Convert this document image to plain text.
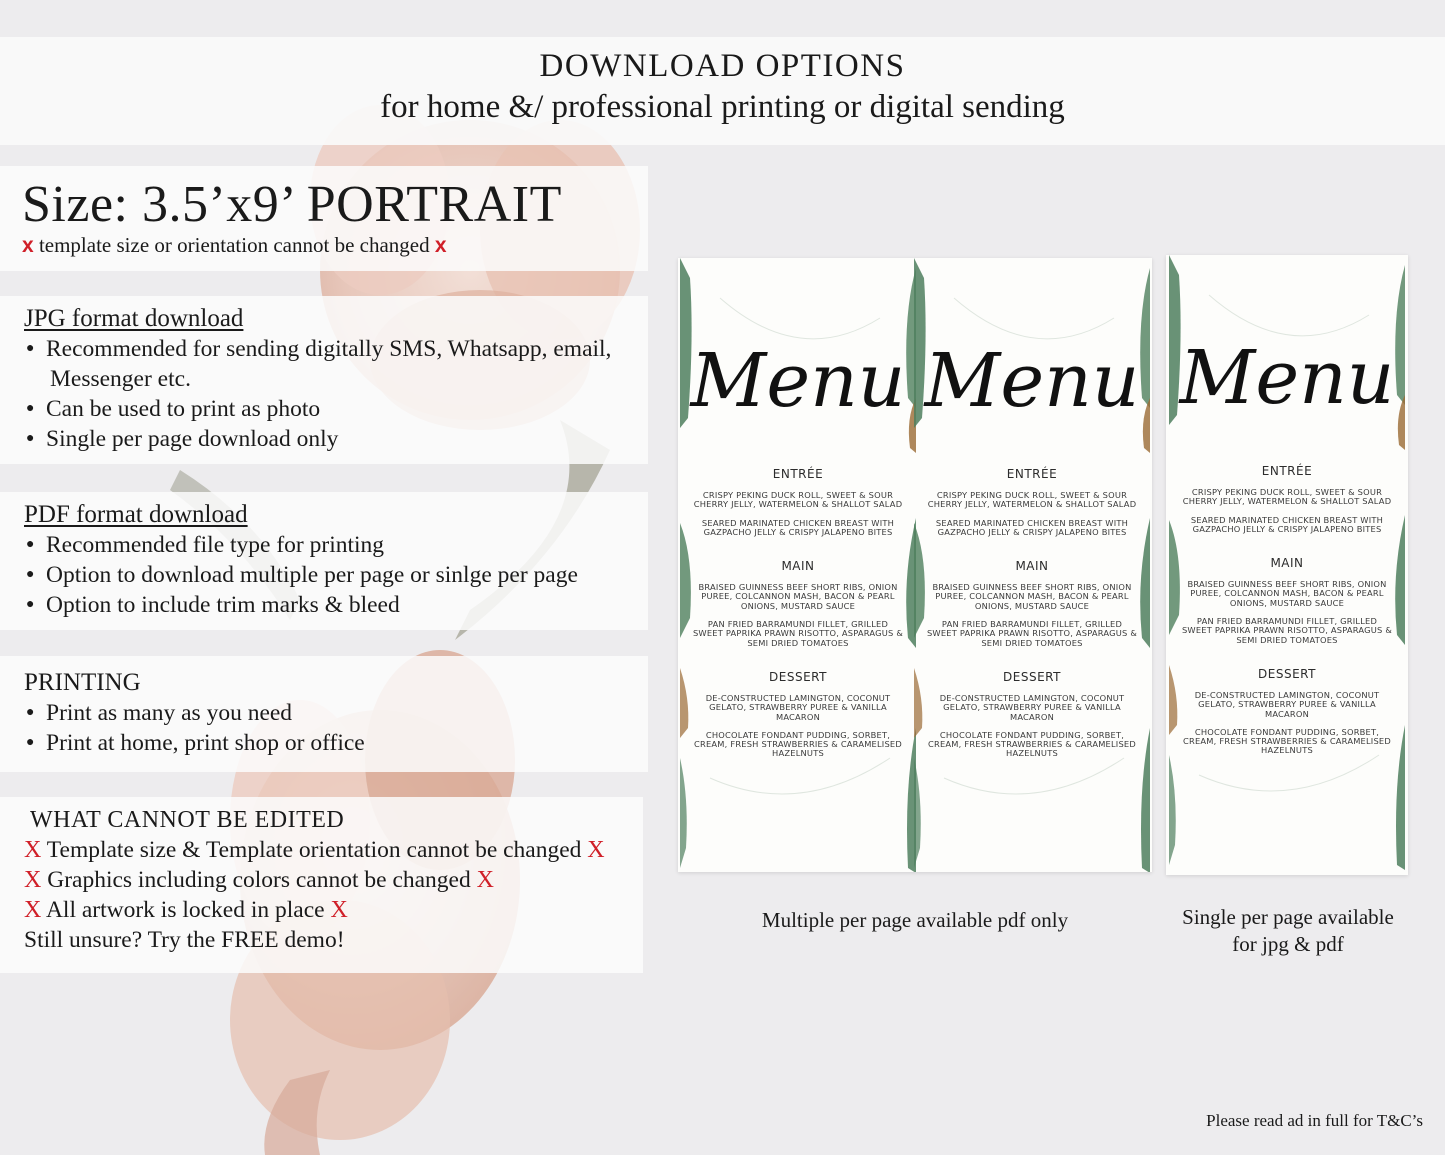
DOWNLOAD OPTIONS
for home &/ professional printing or digital sending
Size: 3.5’x9’ PORTRAIT
x template size or orientation cannot be changed x
JPG format download
● Recommended for sending digitally SMS, Whatsapp, email,
Messenger etc.
● Can be used to print as photo
● Single per page download only
PDF format download
● Recommended file type for printing
● Option to download multiple per page or sinlge per page
● Option to include trim marks & bleed
PRINTING
● Print as many as you need
● Print at home, print shop or office
WHAT CANNOT BE EDITED
X Template size & Template orientation cannot be changed X
X Graphics including colors cannot be changed X
X All artwork is locked in place X
Still unsure? Try the FREE demo!
Menu
ENTRÉE
CRISPY PEKING DUCK ROLL, SWEET & SOUR CHERRY JELLY, WATERMELON & SHALLOT SALAD
SEARED MARINATED CHICKEN BREAST WITH GAZPACHO JELLY & CRISPY JALAPENO BITES
MAIN
BRAISED GUINNESS BEEF SHORT RIBS, ONION PUREE, COLCANNON MASH, BACON & PEARL ONIONS, MUSTARD SAUCE
PAN FRIED BARRAMUNDI FILLET, GRILLED SWEET PAPRIKA PRAWN RISOTTO, ASPARAGUS & SEMI DRIED TOMATOES
DESSERT
DE-CONSTRUCTED LAMINGTON, COCONUT GELATO, STRAWBERRY PUREE & VANILLA MACARON
CHOCOLATE FONDANT PUDDING, SORBET, CREAM, FRESH STRAWBERRIES & CARAMELISED HAZELNUTS
Menu
ENTRÉE
CRISPY PEKING DUCK ROLL, SWEET & SOUR CHERRY JELLY, WATERMELON & SHALLOT SALAD
SEARED MARINATED CHICKEN BREAST WITH GAZPACHO JELLY & CRISPY JALAPENO BITES
MAIN
BRAISED GUINNESS BEEF SHORT RIBS, ONION PUREE, COLCANNON MASH, BACON & PEARL ONIONS, MUSTARD SAUCE
PAN FRIED BARRAMUNDI FILLET, GRILLED SWEET PAPRIKA PRAWN RISOTTO, ASPARAGUS & SEMI DRIED TOMATOES
DESSERT
DE-CONSTRUCTED LAMINGTON, COCONUT GELATO, STRAWBERRY PUREE & VANILLA MACARON
CHOCOLATE FONDANT PUDDING, SORBET, CREAM, FRESH STRAWBERRIES & CARAMELISED HAZELNUTS
Menu
ENTRÉE
CRISPY PEKING DUCK ROLL, SWEET & SOUR CHERRY JELLY, WATERMELON & SHALLOT SALAD
SEARED MARINATED CHICKEN BREAST WITH GAZPACHO JELLY & CRISPY JALAPENO BITES
MAIN
BRAISED GUINNESS BEEF SHORT RIBS, ONION PUREE, COLCANNON MASH, BACON & PEARL ONIONS, MUSTARD SAUCE
PAN FRIED BARRAMUNDI FILLET, GRILLED SWEET PAPRIKA PRAWN RISOTTO, ASPARAGUS & SEMI DRIED TOMATOES
DESSERT
DE-CONSTRUCTED LAMINGTON, COCONUT GELATO, STRAWBERRY PUREE & VANILLA MACARON
CHOCOLATE FONDANT PUDDING, SORBET, CREAM, FRESH STRAWBERRIES & CARAMELISED HAZELNUTS
Multiple per page available pdf only	Single per page available
for jpg & pdf
Please read ad in full for T&C’s
